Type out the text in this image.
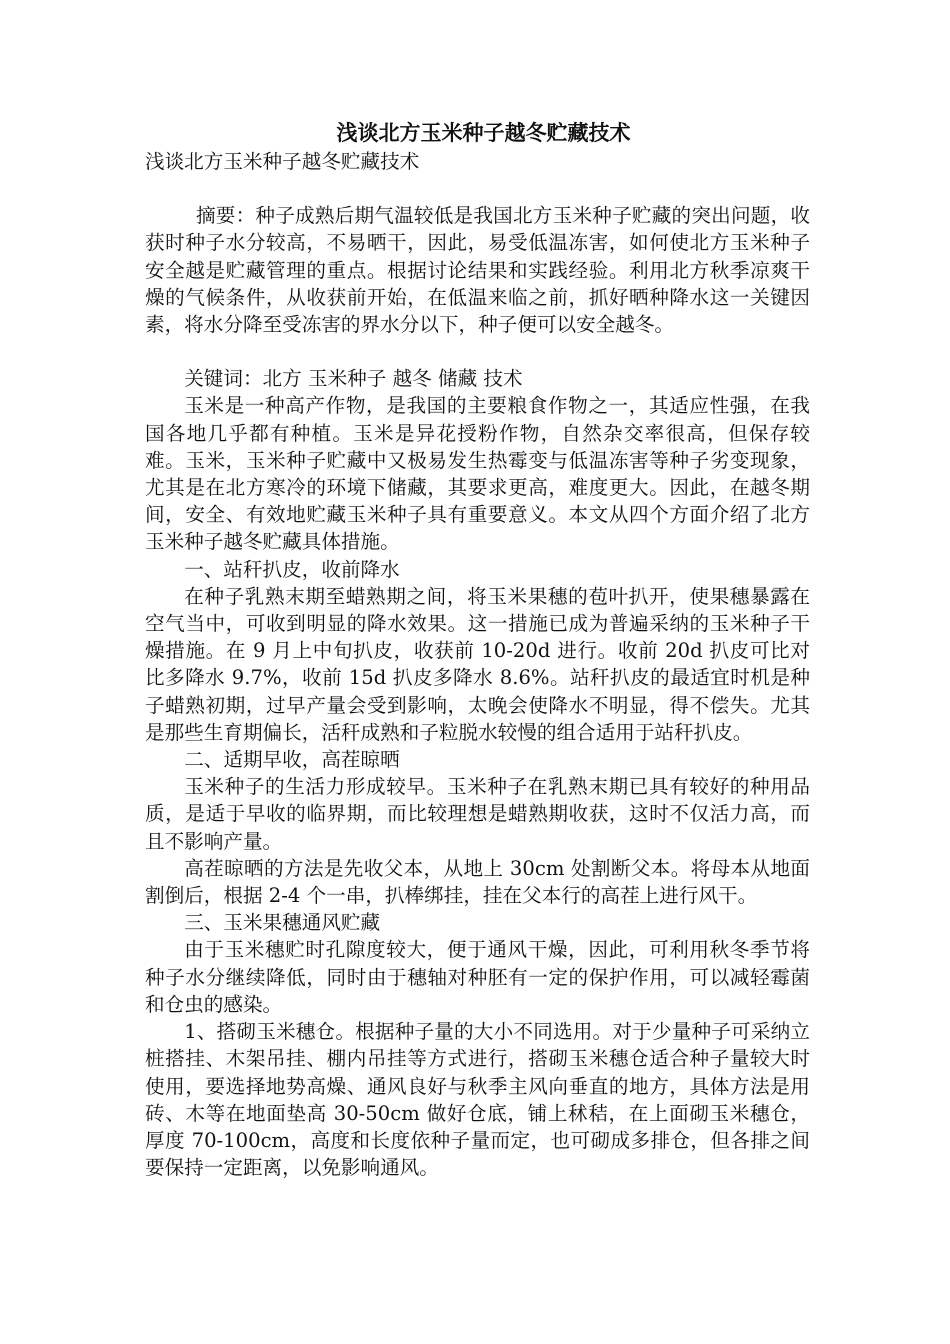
浅谈北方玉米种子越冬贮藏技术
浅谈北方玉米种子越冬贮藏技术

摘要：种子成熟后期气温较低是我国北方玉米种子贮藏的突出问题，收获时种子水分较高，不易晒干，因此，易受低温冻害，如何使北方玉米种子安全越是贮藏管理的重点。根据讨论结果和实践经验。利用北方秋季凉爽干燥的气候条件，从收获前开始，在低温来临之前，抓好晒种降水这一关键因素，将水分降至受冻害的界水分以下，种子便可以安全越冬。

关键词：北方 玉米种子 越冬 储藏 技术

玉米是一种高产作物，是我国的主要粮食作物之一，其适应性强，在我国各地几乎都有种植。玉米是异花授粉作物，自然杂交率很高，但保存较难。玉米，玉米种子贮藏中又极易发生热霉变与低温冻害等种子劣变现象，尤其是在北方寒冷的环境下储藏，其要求更高，难度更大。因此，在越冬期间，安全、有效地贮藏玉米种子具有重要意义。本文从四个方面介绍了北方玉米种子越冬贮藏具体措施。

一、站秆扒皮，收前降水

在种子乳熟末期至蜡熟期之间，将玉米果穗的苞叶扒开，使果穗暴露在空气当中，可收到明显的降水效果。这一措施已成为普遍采纳的玉米种子干燥措施。在 9 月上中旬扒皮，收获前 10-20d 进行。收前 20d 扒皮可比对比多降水 9.7%，收前 15d 扒皮多降水 8.6%。站秆扒皮的最适宜时机是种子蜡熟初期，过早产量会受到影响，太晚会使降水不明显，得不偿失。尤其是那些生育期偏长，活秆成熟和子粒脱水较慢的组合适用于站秆扒皮。

二、适期早收，高茬晾晒

玉米种子的生活力形成较早。玉米种子在乳熟末期已具有较好的种用品质，是适于早收的临界期，而比较理想是蜡熟期收获，这时不仅活力高，而且不影响产量。

高茬晾晒的方法是先收父本，从地上 30cm 处割断父本。将母本从地面割倒后，根据 2-4 个一串，扒棒绑挂，挂在父本行的高茬上进行风干。

三、玉米果穗通风贮藏

由于玉米穗贮时孔隙度较大，便于通风干燥，因此，可利用秋冬季节将种子水分继续降低，同时由于穗轴对种胚有一定的保护作用，可以减轻霉菌和仓虫的感染。

1、搭砌玉米穗仓。根据种子量的大小不同选用。对于少量种子可采纳立桩搭挂、木架吊挂、棚内吊挂等方式进行，搭砌玉米穗仓适合种子量较大时使用，要选择地势高燥、通风良好与秋季主风向垂直的地方，具体方法是用砖、木等在地面垫高 30-50cm 做好仓底，铺上秫秸，在上面砌玉米穗仓，厚度 70-100cm，高度和长度依种子量而定，也可砌成多排仓，但各排之间要保持一定距离，以免影响通风。
